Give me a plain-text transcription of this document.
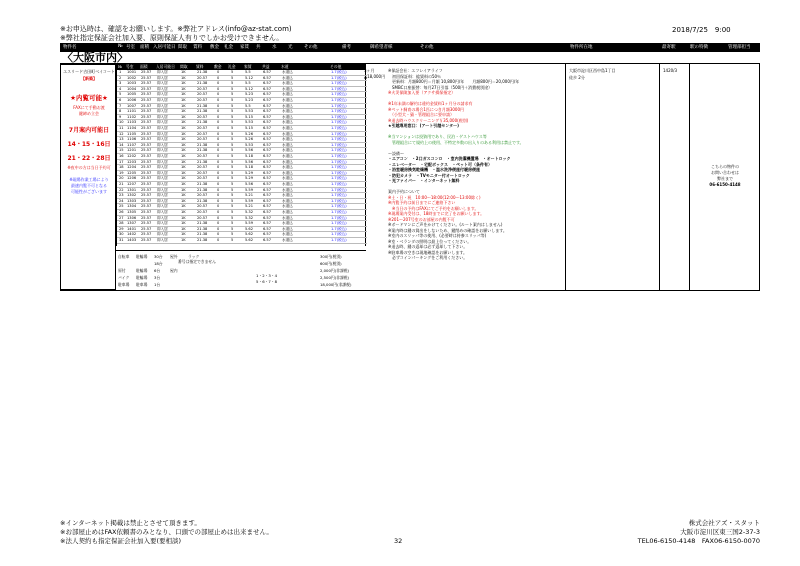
※お申込時は、確認をお願いします。※弊社アドレス(info@az-stat.com)
※弊社指定保証会社加入要、原則保証人有りでしかお受けできません。
2018/7/25　9:00
物件名	№ 号室 面積 入居可能日 間取 賃料 敷金 礼金 家賃 共	水	光	その他	備考	御希望者様	その他	物件所在地	最寄駅	駅の特徴	管理部担当
〈大阪市内〉
エスリード吉田町ベイコート
【新築】
★内覧可能★
FAXにて手動お渡
鍵締め立会
7月案内可能日
14・15・16日
21・22・28日
※夜中の方は当日予約可
※現場作業工場により
最速内覧不可となる
可能性がございます
№ 号室 面積 入居可能日 間取 賃料	敷金 礼金 家賃	共益	水道	その他
1 1001 25.57 即入居	1K	21.38	0	5	5.5	6.57	水道込	1.7(税込)
2 1002 25.57 即入居	1K	20.57	0	5	5.12	6.57	水道込	1.7(税込)
3 1003 25.57 即入居	1K	21.38	0	5	5.5	6.57	水道込	1.7(税込)
4 1004 25.57 即入居	1K	20.57	0	5	5.12	6.57	水道込	1.7(税込)
5 1005 25.57 即入居	1K	20.57	0	5	5.23	6.57	水道込	1.7(税込)
6 1006 25.57 即入居	1K	20.57	0	5	5.23	6.57	水道込	1.7(税込)
7 1007 25.57 即入居	1K	21.38	0	5	5.5	6.57	水道込	1.7(税込)
8 1101 25.57 即入居	1K	21.38	0	5	5.53	6.57	水道込	1.7(税込)
9 1102 25.57 即入居	1K	20.57	0	5	5.15	6.57	水道込	1.7(税込)
10 1103 25.57 即入居	1K	21.38	0	5	5.53	6.57	水道込	1.7(税込)
11 1104 25.57 即入居	1K	20.57	0	5	5.15	6.57	水道込	1.7(税込)
12 1105 25.57 即入居	1K	20.57	0	5	5.26	6.57	水道込	1.7(税込)
13 1106 25.57 即入居	1K	20.57	0	5	5.26	6.57	水道込	1.7(税込)
14 1107 25.57 即入居	1K	21.38	0	5	5.53	6.57	水道込	1.7(税込)
15 1201 25.57 即入居	1K	21.38	0	5	5.56	6.57	水道込	1.7(税込)
16 1202 25.57 即入居	1K	20.57	0	5	5.18	6.57	水道込	1.7(税込)
17 1203 25.57 即入居	1K	21.38	0	5	5.56	6.57	水道込	1.7(税込)
18 1204 25.57 即入居	1K	20.57	0	5	5.18	6.57	水道込	1.7(税込)
19 1205 25.57 即入居	1K	20.57	0	5	5.29	6.57	水道込	1.7(税込)
20 1206 25.57 即入居	1K	20.57	0	5	5.29	6.57	水道込	1.7(税込)
21 1207 25.57 即入居	1K	21.38	0	5	5.56	6.57	水道込	1.7(税込)
22 1301 25.57 即入居	1K	21.38	0	5	5.59	6.57	水道込	1.7(税込)
23 1302 25.57 即入居	1K	20.57	0	5	5.21	6.57	水道込	1.7(税込)
24 1303 25.57 即入居	1K	21.38	0	5	5.59	6.57	水道込	1.7(税込)
25 1304 25.57 即入居	1K	20.57	0	5	5.21	6.57	水道込	1.7(税込)
26 1305 25.57 即入居	1K	20.57	0	5	5.32	6.57	水道込	1.7(税込)
27 1306 25.57 即入居	1K	20.57	0	5	5.32	6.57	水道込	1.7(税込)
28 1307 25.57 即入居	1K	21.38	0	5	5.59	6.57	水道込	1.7(税込)
29 1401 25.57 即入居	1K	21.38	0	5	5.62	6.57	水道込	1.7(税込)
30 1402 25.57 即入居	1K	21.38	0	5	5.62	6.57	水道込	1.7(税込)
31 1403 25.57 即入居	1K	21.38	0	5	5.62	6.57	水道込	1.7(税込)
番号は指定できません
1・2・3・4
5・6・7・8
自転車 駐輪場 30台 屋外	ラック	300円(税別)
18台	600円(税別)
原付	駐輪場 6台	屋内	2,000円(非課税)
バイク 駐輪場 3台	2,500円(非課税)
駐車場 駐車場 1台	18,000円(非課税)
3ヶ月
▲18,000円
※保証会社：エフレイアライフ
　初回保証料：総賃料の50％
　更新料：月額800円＝月額 10,800円/年　　月額800円＝20,000円/年
　SMBC口座振替：毎月27日引落（500円＋消費税別途）
※火災保険加入要（アクサ損保指定）
※1年未満の解約は違約金賃料1ヶ月分の請求有
※ペット飼育の場合1匹につき月額3000円
　（小型犬・猫・管理組合に要申請）
※退去時ハウスクリーニング￥35,000(税別)
★引越専用窓口：(アート引越センター)
※当マンションは投資用であり、民泊・ゲストハウス等
　管理組合にて規約上の使用、不特定多数の出入りのある利用は禁止です。
～設備～
・エアコン　・2口ガスコンロ　・室内洗濯機置場　・オートロック
・エレベーター　・宅配ボックス　・ペット可（条件有）
・浴室暖房換気乾燥機　・温水洗浄便座付暖房便座
・防犯カメラ　・TVモニター付オートロック
・光ファイバー　・インターネット無料
案内予約について
※土・日・祝　10:00～18:00(12:00～13:00除く)
※内覧予約は前日までにご連絡下さい
　※当日の予約はFAXにてご予約をお願いします。
※現場案内受付は、18時までに完了をお願いします。
※201～207号室のお部屋の内覧不可
※ボードマンにご声をかけてください。(ルート案内はしません)
※案内時は鍵の貸出をしないため、鍵閉めの確認をお願いします。
※室内のスリッパ等の使用、(必要時は持参スリッパ等)
※室・ベランダの照明は最上位ってください。
※退去時、鍵の返却は必ず返却して下さい。
※駐車場の空きは現地確認をお願いします。
　必ずコインパーキングをご利用ください。
大阪市淀川区西中島1丁目
徒歩 2分
1420/3
こちらの物件の
お問い合わせは
弊社まで
06-6150-4148
※インターネット掲載は禁止とさせて頂きます。
※お部屋止めはFAX依頼書のみとなり、口頭での部屋止めは出来ません。
※法人契約も指定保証会社加入要(要相談)	32
株式会社アズ・スタット
大阪市淀川区東三国2-37-3
TEL06-6150-4148　FAX06-6150-0070
